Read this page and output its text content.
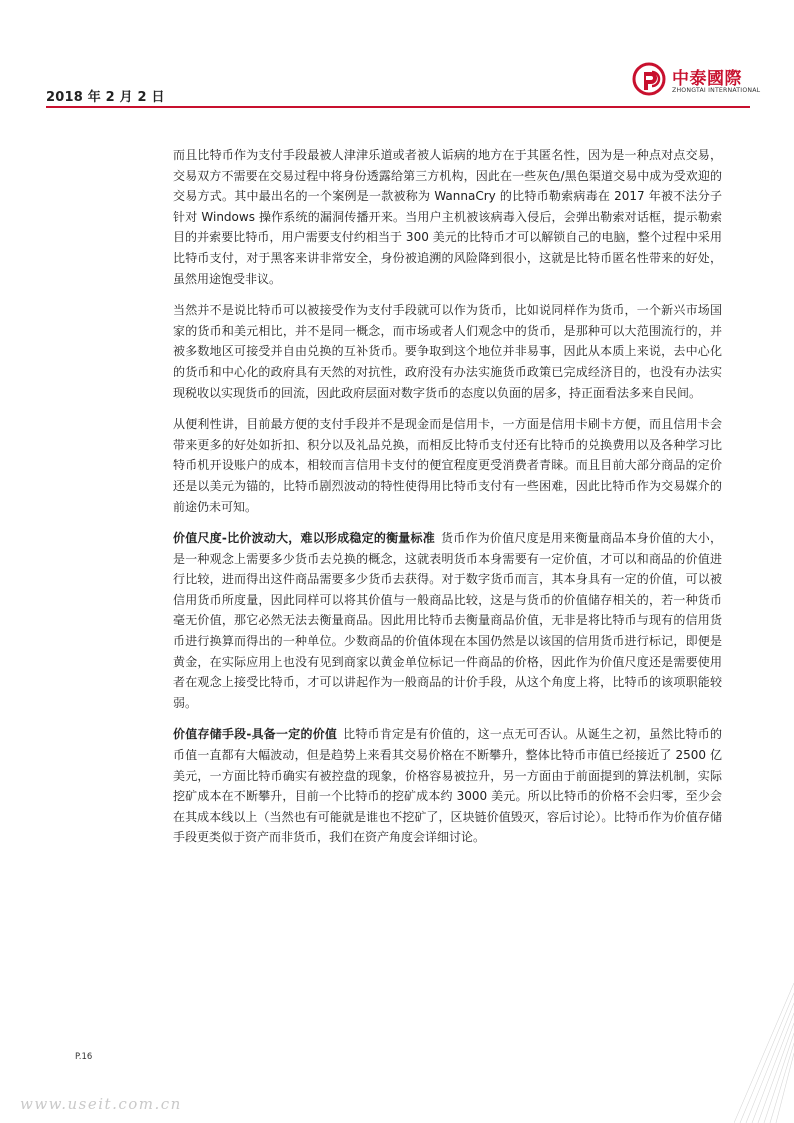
2018 年 2 月 2 日
中泰國際
ZHONGTAI INTERNATIONAL

而且比特币作为支付手段最被人津津乐道或者被人诟病的地方在于其匿名性，因为是一种点对点交易，交易双方不需要在交易过程中将身份透露给第三方机构，因此在一些灰色/黑色渠道交易中成为受欢迎的交易方式。其中最出名的一个案例是一款被称为 WannaCry 的比特币勒索病毒在 2017 年被不法分子针对 Windows 操作系统的漏洞传播开来。当用户主机被该病毒入侵后，会弹出勒索对话框，提示勒索目的并索要比特币，用户需要支付约相当于 300 美元的比特币才可以解锁自己的电脑，整个过程中采用比特币支付，对于黑客来讲非常安全，身份被追溯的风险降到很小，这就是比特币匿名性带来的好处，虽然用途饱受非议。

当然并不是说比特币可以被接受作为支付手段就可以作为货币，比如说同样作为货币，一个新兴市场国家的货币和美元相比，并不是同一概念，而市场或者人们观念中的货币，是那种可以大范围流行的，并被多数地区可接受并自由兑换的互补货币。要争取到这个地位并非易事，因此从本质上来说，去中心化的货币和中心化的政府具有天然的对抗性，政府没有办法实施货币政策已完成经济目的，也没有办法实现税收以实现货币的回流，因此政府层面对数字货币的态度以负面的居多，持正面看法多来自民间。

从便利性讲，目前最方便的支付手段并不是现金而是信用卡，一方面是信用卡刷卡方便，而且信用卡会带来更多的好处如折扣、积分以及礼品兑换，而相反比特币支付还有比特币的兑换费用以及各种学习比特币机开设账户的成本，相较而言信用卡支付的便宜程度更受消费者青睐。而且目前大部分商品的定价还是以美元为锚的，比特币剧烈波动的特性使得用比特币支付有一些困难，因此比特币作为交易媒介的前途仍未可知。

价值尺度-比价波动大，难以形成稳定的衡量标准 货币作为价值尺度是用来衡量商品本身价值的大小，是一种观念上需要多少货币去兑换的概念，这就表明货币本身需要有一定价值，才可以和商品的价值进行比较，进而得出这件商品需要多少货币去获得。对于数字货币而言，其本身具有一定的价值，可以被信用货币所度量，因此同样可以将其价值与一般商品比较，这是与货币的价值储存相关的，若一种货币毫无价值，那它必然无法去衡量商品。因此用比特币去衡量商品价值，无非是将比特币与现有的信用货币进行换算而得出的一种单位。少数商品的价值体现在本国仍然是以该国的信用货币进行标记，即便是黄金，在实际应用上也没有见到商家以黄金单位标记一件商品的价格，因此作为价值尺度还是需要使用者在观念上接受比特币，才可以讲起作为一般商品的计价手段，从这个角度上将，比特币的该项职能较弱。

价值存储手段-具备一定的价值 比特币肯定是有价值的，这一点无可否认。从诞生之初，虽然比特币的币值一直都有大幅波动，但是趋势上来看其交易价格在不断攀升，整体比特币市值已经接近了 2500 亿美元，一方面比特币确实有被控盘的现象，价格容易被拉升，另一方面由于前面提到的算法机制，实际挖矿成本在不断攀升，目前一个比特币的挖矿成本约 3000 美元。所以比特币的价格不会归零，至少会在其成本线以上（当然也有可能就是谁也不挖矿了，区块链价值毁灭，容后讨论）。比特币作为价值存储手段更类似于资产而非货币，我们在资产角度会详细讨论。

P.16
www.useit.com.cn
